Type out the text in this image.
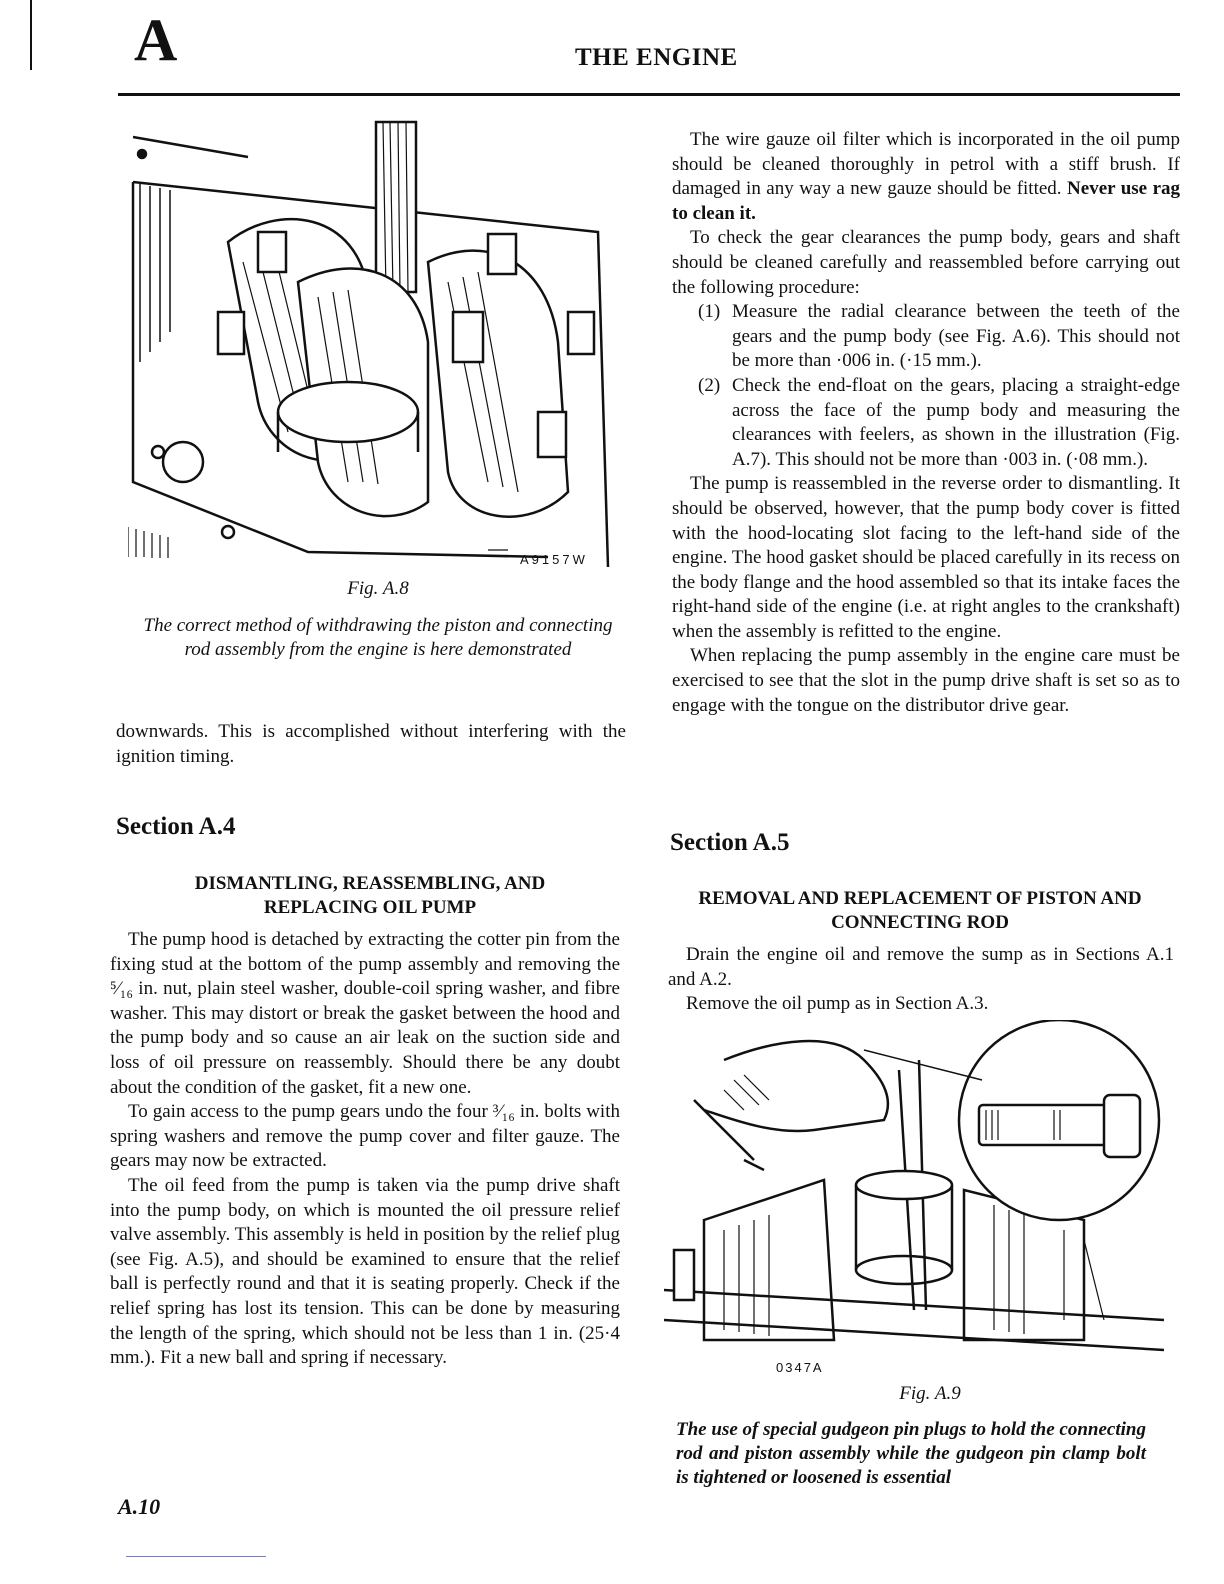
A	THE ENGINE
A9157W
Fig. A.8
The correct method of withdrawing the piston and connecting rod assembly from the engine is here demonstrated

downwards. This is accomplished without interfering with the ignition timing.

Section A.4
DISMANTLING, REASSEMBLING, AND REPLACING OIL PUMP

The pump hood is detached by extracting the cotter pin from the fixing stud at the bottom of the pump assembly and removing the ⁵⁄₁₆ in. nut, plain steel washer, double-coil spring washer, and fibre washer. This may distort or break the gasket between the hood and the pump body and so cause an air leak on the suction side and loss of oil pressure on reassembly. Should there be any doubt about the condition of the gasket, fit a new one.

To gain access to the pump gears undo the four ³⁄₁₆ in. bolts with spring washers and remove the pump cover and filter gauze. The gears may now be extracted.

The oil feed from the pump is taken via the pump drive shaft into the pump body, on which is mounted the oil pressure relief valve assembly. This assembly is held in position by the relief plug (see Fig. A.5), and should be examined to ensure that the relief ball is perfectly round and that it is seating properly. Check if the relief spring has lost its tension. This can be done by measuring the length of the spring, which should not be less than 1 in. (25·4 mm.). Fit a new ball and spring if necessary.

The wire gauze oil filter which is incorporated in the oil pump should be cleaned thoroughly in petrol with a stiff brush. If damaged in any way a new gauze should be fitted. Never use rag to clean it.

To check the gear clearances the pump body, gears and shaft should be cleaned carefully and reassembled before carrying out the following procedure:

(1) Measure the radial clearance between the teeth of the gears and the pump body (see Fig. A.6). This should not be more than ·006 in. (·15 mm.).
(2) Check the end-float on the gears, placing a straight-edge across the face of the pump body and measuring the clearances with feelers, as shown in the illustration (Fig. A.7). This should not be more than ·003 in. (·08 mm.).

The pump is reassembled in the reverse order to dismantling. It should be observed, however, that the pump body cover is fitted with the hood-locating slot facing to the left-hand side of the engine. The hood gasket should be placed carefully in its recess on the body flange and the hood assembled so that its intake faces the right-hand side of the engine (i.e. at right angles to the crankshaft) when the assembly is refitted to the engine.

When replacing the pump assembly in the engine care must be exercised to see that the slot in the pump drive shaft is set so as to engage with the tongue on the distributor drive gear.

Section A.5
REMOVAL AND REPLACEMENT OF PISTON AND CONNECTING ROD

Drain the engine oil and remove the sump as in Sections A.1 and A.2.

Remove the oil pump as in Section A.3.

0347A
Fig. A.9
The use of special gudgeon pin plugs to hold the connecting rod and piston assembly while the gudgeon pin clamp bolt is tightened or loosened is essential
A.10
